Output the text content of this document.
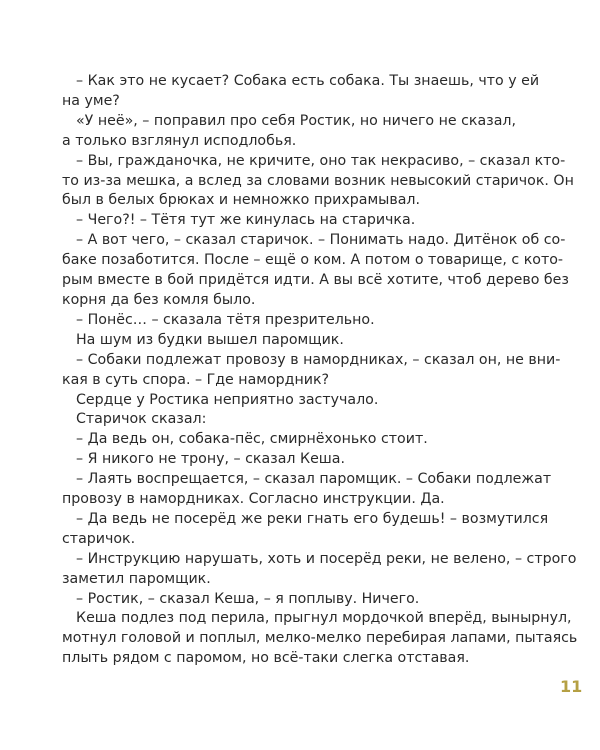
– Как это не кусает? Собака есть собака. Ты знаешь, что у ей
на уме?

«У неё», – поправил про себя Ростик, но ничего не сказал,
а только взглянул исподлобья.

– Вы, гражданочка, не кричите, оно так некрасиво, – сказал кто-
то из-за мешка, а вслед за словами возник невысокий старичок. Он
был в белых брюках и немножко прихрамывал.

– Чего?! – Тётя тут же кинулась на старичка.

– А вот чего, – сказал старичок. – Понимать надо. Дитёнок об со-
баке позаботится. После – ещё о ком. А потом о товарище, с кото-
рым вместе в бой придётся идти. А вы всё хотите, чтоб дерево без
корня да без комля было.

– Понёс… – сказала тётя презрительно.

На шум из будки вышел паромщик.

– Собаки подлежат провозу в намордниках, – сказал он, не вни-
кая в суть спора. – Где намордник?

Сердце у Ростика неприятно застучало.

Старичок сказал:

– Да ведь он, собака-пёс, смирнёхонько стоит.

– Я никого не трону, – сказал Кеша.

– Лаять воспрещается, – сказал паромщик. – Собаки подлежат
провозу в намордниках. Согласно инструкции. Да.

– Да ведь не посерёд же реки гнать его будешь! – возмутился
старичок.

– Инструкцию нарушать, хоть и посерёд реки, не велено, – строго
заметил паромщик.

– Ростик, – сказал Кеша, – я поплыву. Ничего.

Кеша подлез под перила, прыгнул мордочкой вперёд, вынырнул,
мотнул головой и поплыл, мелко-мелко перебирая лапами, пытаясь
плыть рядом с паромом, но всё-таки слегка отставая.

11
